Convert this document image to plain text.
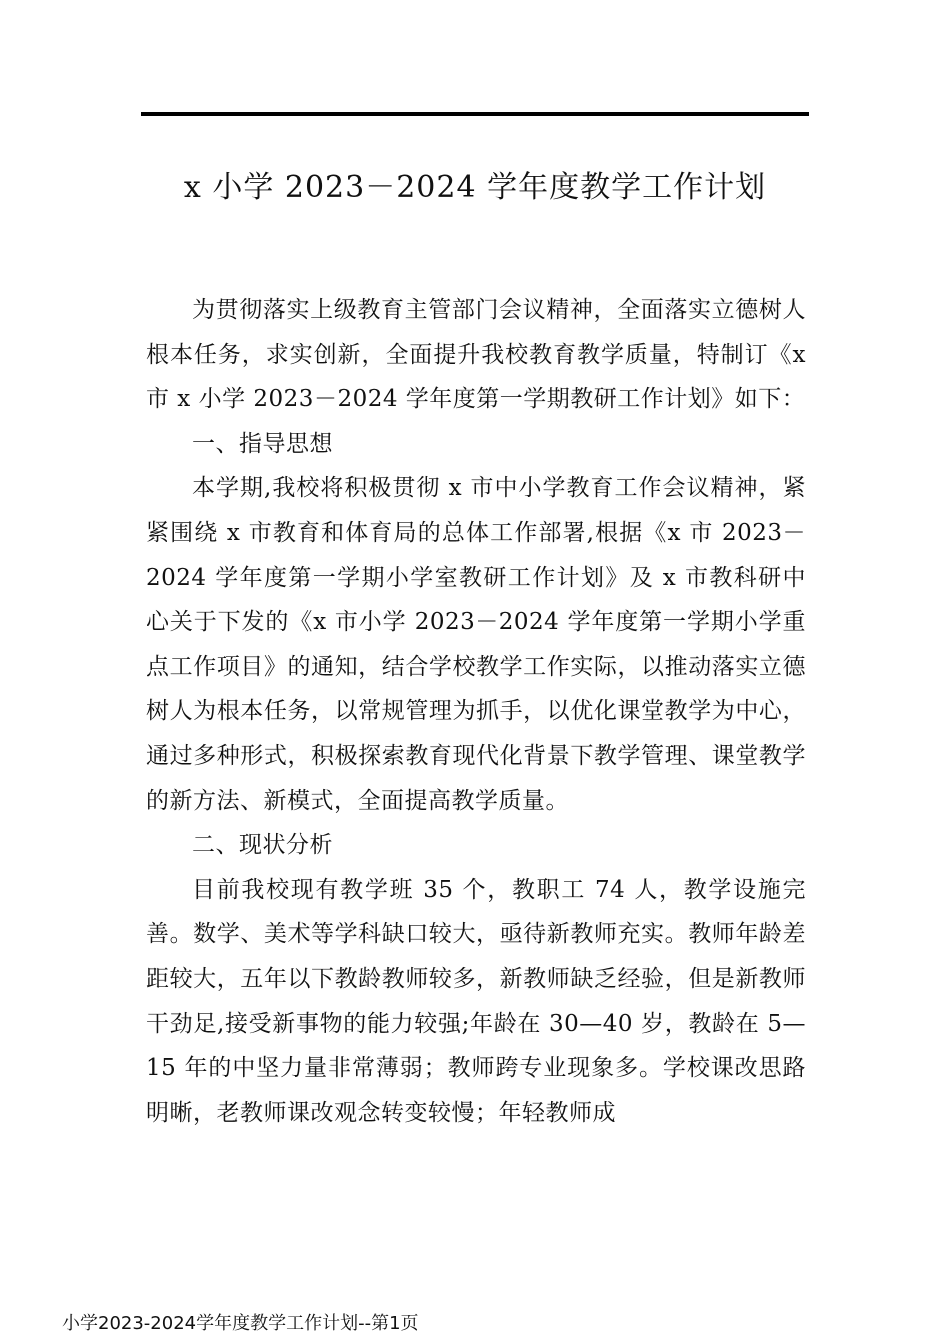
x 小学 2023－2024 学年度教学工作计划

为贯彻落实上级教育主管部门会议精神，全面落实立德树人根本任务，求实创新，全面提升我校教育教学质量，特制订《x 市 x 小学 2023－2024 学年度第一学期教研工作计划》如下：

一、指导思想

本学期,我校将积极贯彻 x 市中小学教育工作会议精神，紧紧围绕 x 市教育和体育局的总体工作部署,根据《x 市 2023－2024 学年度第一学期小学室教研工作计划》及 x 市教科研中心关于下发的《x 市小学 2023－2024 学年度第一学期小学重点工作项目》的通知，结合学校教学工作实际，以推动落实立德树人为根本任务，以常规管理为抓手，以优化课堂教学为中心，通过多种形式，积极探索教育现代化背景下教学管理、课堂教学的新方法、新模式，全面提高教学质量。

二、现状分析

目前我校现有教学班 35 个，教职工 74 人，教学设施完善。数学、美术等学科缺口较大，亟待新教师充实。教师年龄差距较大，五年以下教龄教师较多，新教师缺乏经验，但是新教师干劲足,接受新事物的能力较强;年龄在 30—40 岁，教龄在 5—15 年的中坚力量非常薄弱；教师跨专业现象多。学校课改思路明晰，老教师课改观念转变较慢；年轻教师成

小学2023-2024学年度教学工作计划--第1页
